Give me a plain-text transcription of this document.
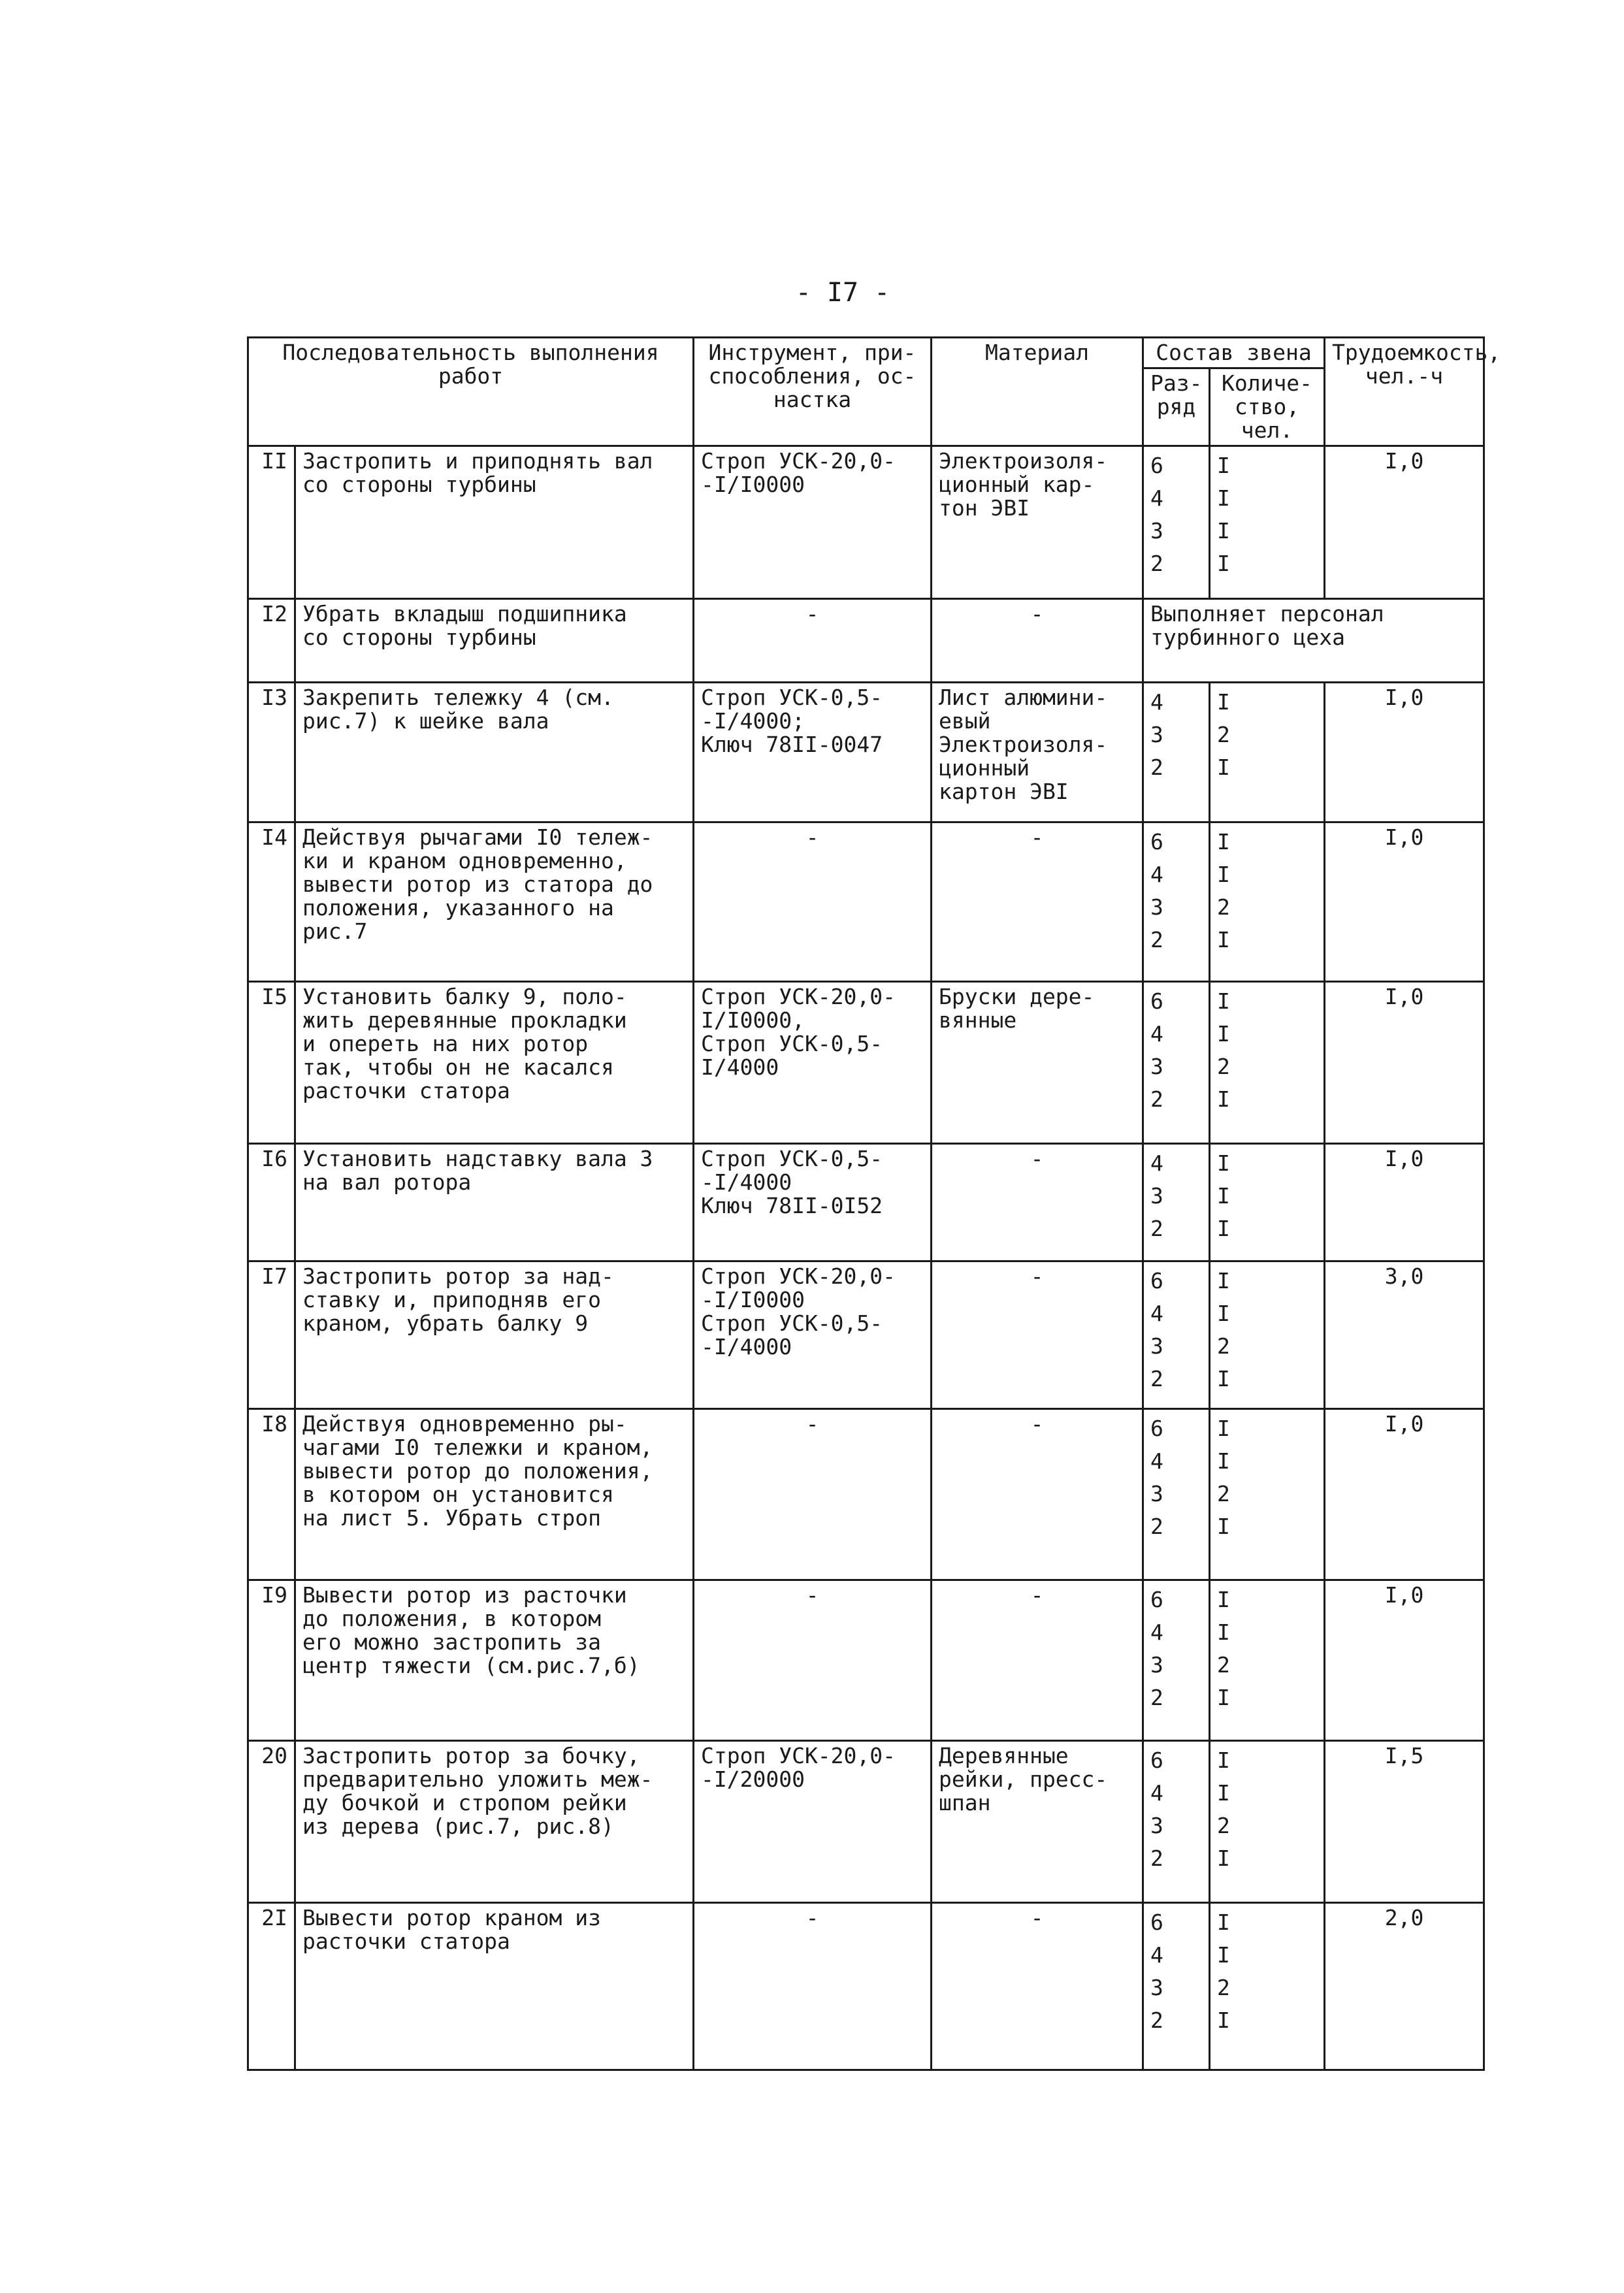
- I7 -
Последовательность выполнения работ		Инструмент, при-
способления, ос-
настка	Материал	Состав звена		Трудоемкость,
чел.-ч
				Раз-
ряд	Количе-
ство,
чел.	
II	Застропить и приподнять вал
со стороны турбины	Строп УСК-20,0-
-I/I0000	Электроизоля-
ционный кар-
тон ЭВI	6
4
3
2	I
I
I
I	I,0
I2	Убрать вкладыш подшипника
со стороны турбины	-	-	Выполняет персонал турбинного цеха		
I3	Закрепить тележку 4 (см.
рис.7) к шейке вала	Строп УСК-0,5-
-I/4000;
Ключ 78II-0047	Лист алюмини-
евый
Электроизоля-
ционный
картон ЭВI	4
3
2	I
2
I	I,0
I4	Действуя рычагами I0 тележ-
ки и краном одновременно,
вывести ротор из статора до
положения, указанного на
рис.7	-	-	6
4
3
2	I
I
2
I	I,0
I5	Установить балку 9, поло-
жить деревянные прокладки
и опереть на них ротор
так, чтобы он не касался
расточки статора	Строп УСК-20,0-
I/I0000,
Строп УСК-0,5-
I/4000	Бруски дере-
вянные	6
4
3
2	I
I
2
I	I,0
I6	Установить надставку вала 3
на вал ротора	Строп УСК-0,5-
-I/4000
Ключ 78II-0I52	-	4
3
2	I
I
I	I,0
I7	Застропить ротор за над-
ставку и, приподняв его
краном, убрать балку 9	Строп УСК-20,0-
-I/I0000
Строп УСК-0,5-
-I/4000	-	6
4
3
2	I
I
2
I	3,0
I8	Действуя одновременно ры-
чагами I0 тележки и краном,
вывести ротор до положения,
в котором он установится
на лист 5. Убрать строп	-	-	6
4
3
2	I
I
2
I	I,0
I9	Вывести ротор из расточки
до положения, в котором
его можно застропить за
центр тяжести (см.рис.7,б)	-	-	6
4
3
2	I
I
2
I	I,0
20	Застропить ротор за бочку,
предварительно уложить меж-
ду бочкой и стропом рейки
из дерева (рис.7, рис.8)	Строп УСК-20,0-
-I/20000	Деревянные
рейки, пресс-
шпан	6
4
3
2	I
I
2
I	I,5
2I	Вывести ротор краном из
расточки статора	-	-	6
4
3
2	I
I
2
I	2,0
